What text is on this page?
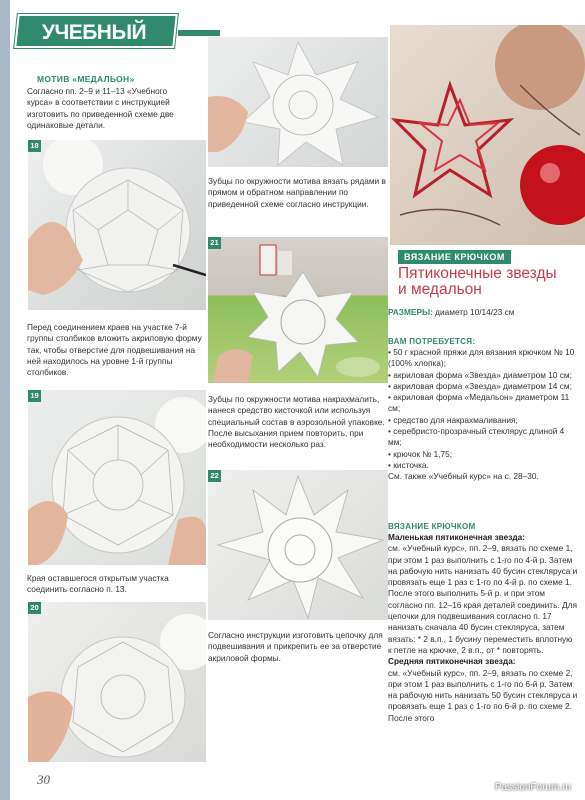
УЧЕБНЫЙ КУРС
МОТИВ «МЕДАЛЬОН»
Согласно пп. 2–9 и 11–13 «Учебного курса» в соответствии с инструкцией изготовить по приведенной схеме две одинаковые детали.
18
Перед соединением краев на участке 7-й группы столбиков вложить акриловую форму так, чтобы отверстие для подвешивания на ней находилось на уровне 1-й группы столбиков.
19
Края оставшегося открытым участка соединить согласно п. 13.
20
Зубцы по окружности мотива вязать рядами в прямом и обратном направлении по приведенной схеме согласно инструкции.
21
Зубцы по окружности мотива накрахмалить, нанеся средство кисточкой или используя специальный состав в аэрозольной упаковке. После высыхания прием повторить, при необходимости несколько раз.
22
Согласно инструкции изготовить цепочку для подвешивания и прикрепить ее за отверстие акриловой формы.
ВЯЗАНИЕ КРЮЧКОМ
Пятиконечные звезды
и медальон
РАЗМЕРЫ: диаметр 10/14/23 см
ВАМ ПОТРЕБУЕТСЯ:
• 50 г красной пряжи для вязания крючком № 10 (100% хлопка);
• акриловая форма «Звезда» диаметром 10 см;
• акриловая форма «Звезда» диаметром 14 см;
• акриловая форма «Медальон» диаметром 11 см;
• средство для накрахмаливания;
• серебристо-прозрачный стеклярус длиной 4 мм;
• крючок № 1,75;
• кисточка.
См. также «Учебный курс» на с. 28–30.
ВЯЗАНИЕ КРЮЧКОМ
Маленькая пятиконечная звезда:
см. «Учебный курс», пп. 2–9, вязать по схеме 1, при этом 1 раз выполнить с 1-го по 4-й р. Затем на рабочую нить нанизать 40 бусин стекляруса и провязать еще 1 раз с 1-го по 4-й р. по схеме 1. После этого выполнить 5-й р. и при этом согласно пп. 12–16 края деталей соединить. Для цепочки для подвешивания согласно п. 17 нанизать сначала 40 бусин стекляруса, затем вязать: * 2 в.п., 1 бусину переместить вплотную к петле на крючке, 2 в.п., от * повторять.
Средняя пятиконечная звезда:
см. «Учебный курс», пп. 2–9, вязать по схеме 2, при этом 1 раз выполнить с 1-го по 6-й р. Затем на рабочую нить нанизать 50 бусин стекляруса и провязать еще 1 раз с 1-го по 6-й р. по схеме 2. После этого
30
PassionForum.ru
